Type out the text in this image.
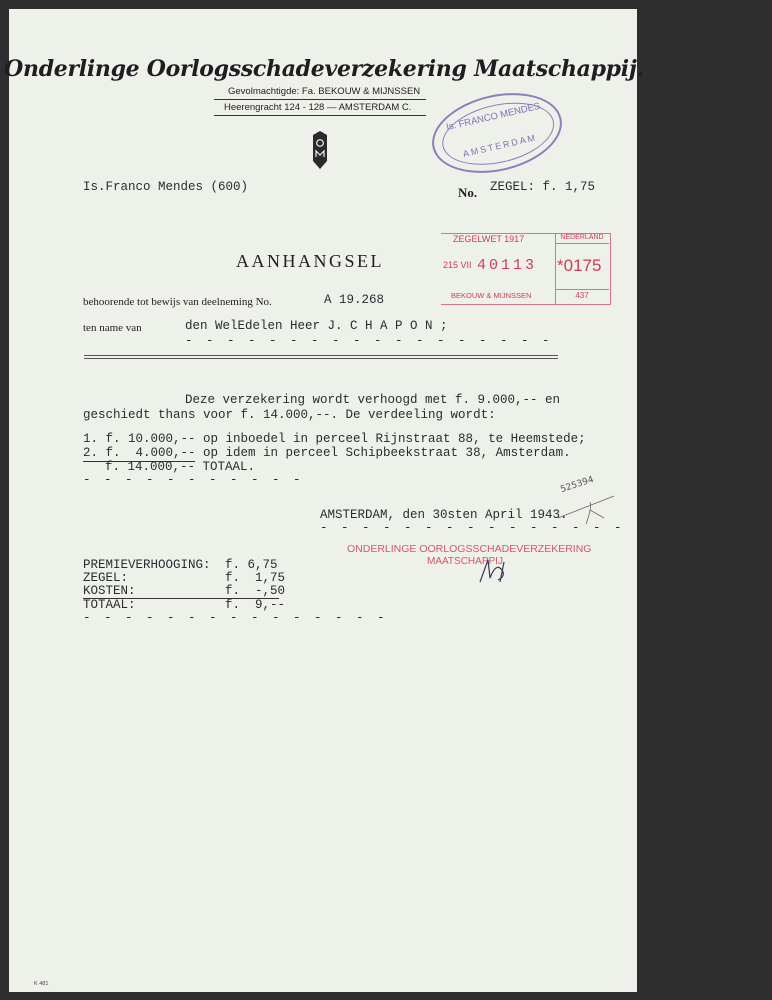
Onderlinge Oorlogsschadeverzekering Maatschappij.
Gevolmachtigde: Fa. BEKOUW & MIJNSSEN
Heerengracht 124 - 128 — AMSTERDAM C.	Is. FRANCO MENDES
AMSTERDAM
Is.Franco Mendes (600)	No. ZEGEL: f. 1,75
ZEGELWET 1917	NEDERLAND
215 VII 40113 *0175
BEKOUW & MIJNSSEN	437
AANHANGSEL
behoorende tot bewijs van deelneming No.	A 19.268
ten name van	den WelEdelen Heer J. C H A P O N ;
- - - - - - - - - - - - - - - - - -
Deze verzekering wordt verhoogd met f. 9.000,-- en
geschiedt thans voor f. 14.000,--. De verdeeling wordt:
1. f. 10.000,-- op inboedel in perceel Rijnstraat 88, te Heemstede;
2. f.  4.000,-- op idem in perceel Schipbeekstraat 38, Amsterdam.
f. 14.000,-- TOTAAL.
- - - - - - - - - - -
AMSTERDAM, den 30sten April 1943.
- - - - - - - - - - - - - - - - - - - - - -
525394
ONDERLINGE OORLOGSSCHADEVERZEKERING
MAATSCHAPPIJ
PREMIEVERHOOGING: f. 6,75
ZEGEL:	f.  1,75
KOSTEN:	f.  -,50
TOTAAL:	f.  9,--
- - - - - - - - - - - - - - -
K 481
